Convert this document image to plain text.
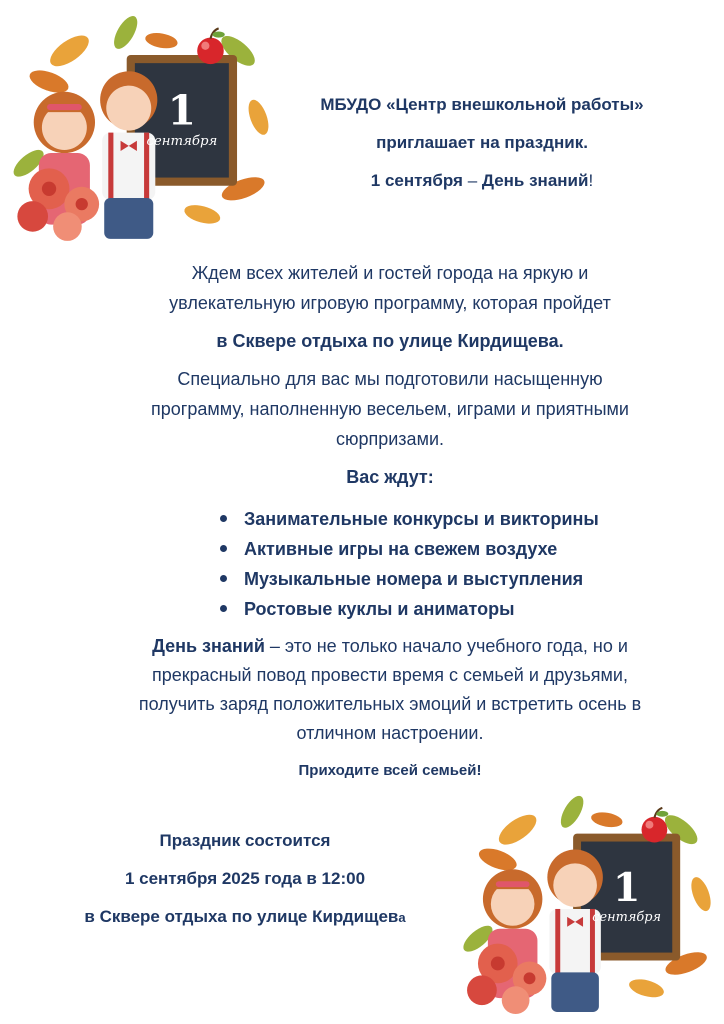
1
сентября

МБУДО «Центр внешкольной работы»

приглашает на праздник.

1 сентября – День знаний!

Ждем всех жителей и гостей города на яркую и

увлекательную игровую программу, которая пройдет

в Сквере отдыха по улице Кирдищева.

Специально для вас мы подготовили насыщенную

программу, наполненную весельем, играми и приятными

сюрпризами.

Вас ждут:

Занимательные конкурсы и викторины
Активные игры на свежем воздухе
Музыкальные номера и выступления
Ростовые куклы и аниматоры

День знаний – это не только начало учебного года, но и

прекрасный повод провести время с семьей и друзьями,

получить заряд положительных эмоций и встретить осень в

отличном настроении.

Приходите всей семьей!

Праздник состоится

1 сентября 2025 года в 12:00

в Сквере отдыха по улице Кирдищева

1
сентября
